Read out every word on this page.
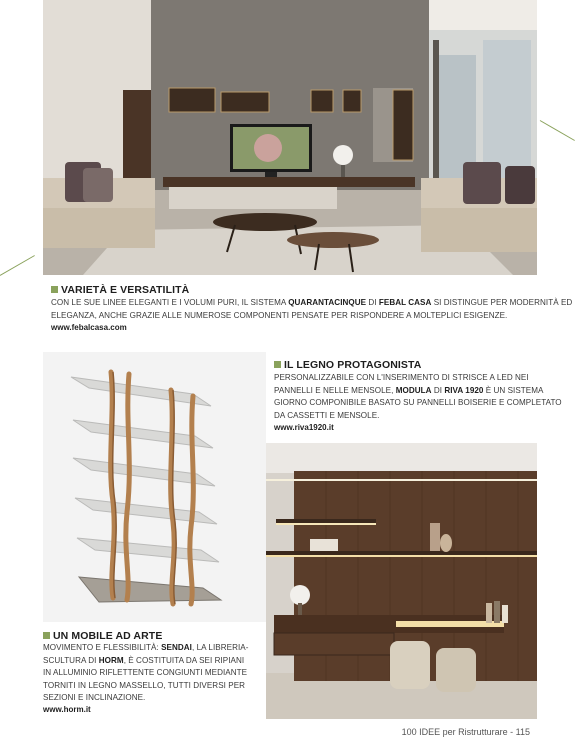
VARIETÀ E VERSATILITÀ
CON LE SUE LINEE ELEGANTI E I VOLUMI PURI, IL SISTEMA QUARANTACINQUE DI FEBAL CASA SI DISTINGUE PER MODERNITÀ ED
ELEGANZA, ANCHE GRAZIE ALLE NUMEROSE COMPONENTI PENSATE PER RISPONDERE A MOLTEPLICI ESIGENZE.
www.febalcasa.com
IL LEGNO PROTAGONISTA
PERSONALIZZABILE CON L'INSERIMENTO DI STRISCE A LED NEI
PANNELLI E NELLE MENSOLE, MODULA DI RIVA 1920 È UN SISTEMA
GIORNO COMPONIBILE BASATO SU PANNELLI BOISERIE E COMPLETATO
DA CASSETTI E MENSOLE.
www.riva1920.it
UN MOBILE AD ARTE
MOVIMENTO E FLESSIBILITÀ: SENDAI, LA LIBRERIA-
SCULTURA DI HORM, È COSTITUITA DA SEI RIPIANI
IN ALLUMINIO RIFLETTENTE CONGIUNTI MEDIANTE
TORNITI IN LEGNO MASSELLO, TUTTI DIVERSI PER
SEZIONI E INCLINAZIONE.
www.horm.it
100 IDEE per Ristrutturare - 115
